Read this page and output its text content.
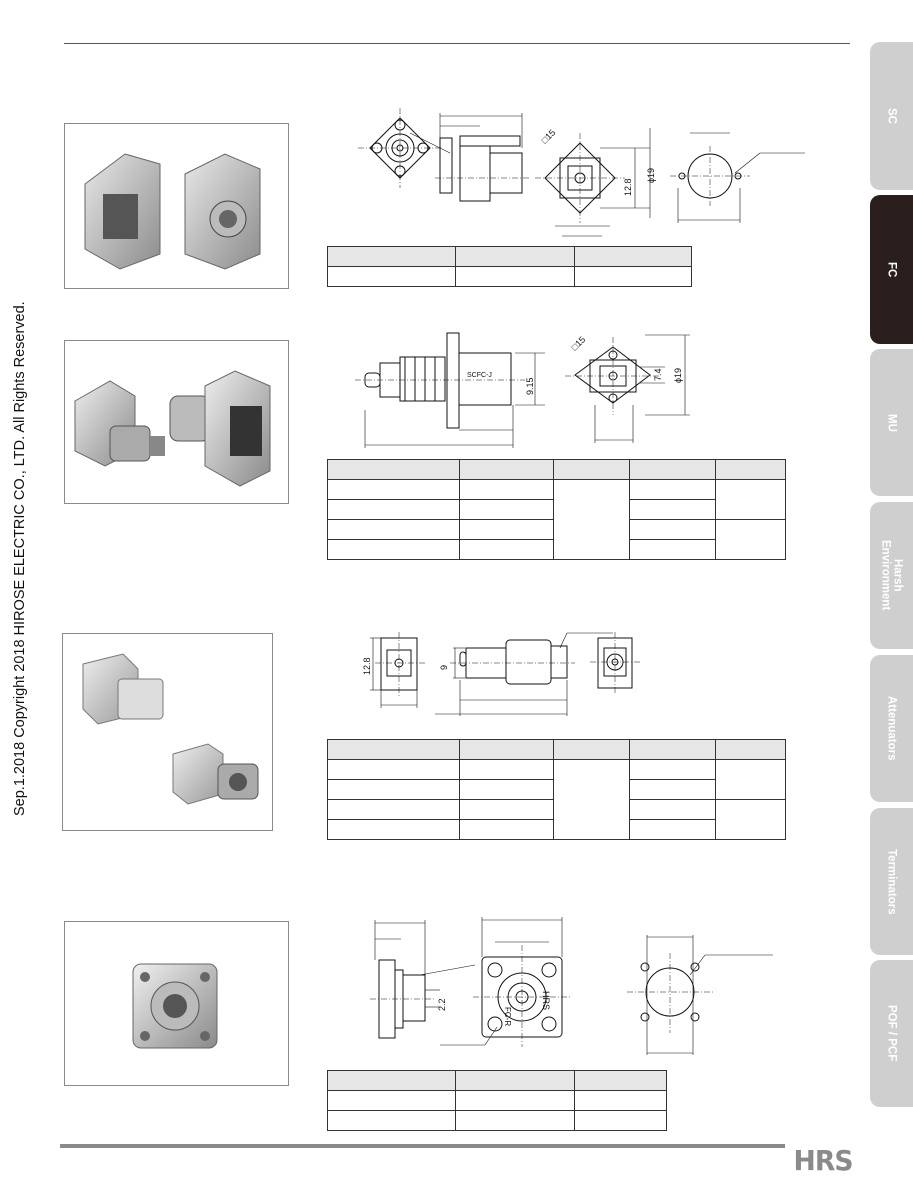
Sep.1.2018 Copyright 2018 HIROSE ELECTRIC CO., LTD. All Rights Reserved.
HRS
SC
FC
MU
Harsh
Environment
Attenuators
Terminators
POF / PCF
□15
12.8
ϕ19

SCFC-J
9.15
□15
7.4 ϕ19

12.8	9

2.2
FC-R
HRS
